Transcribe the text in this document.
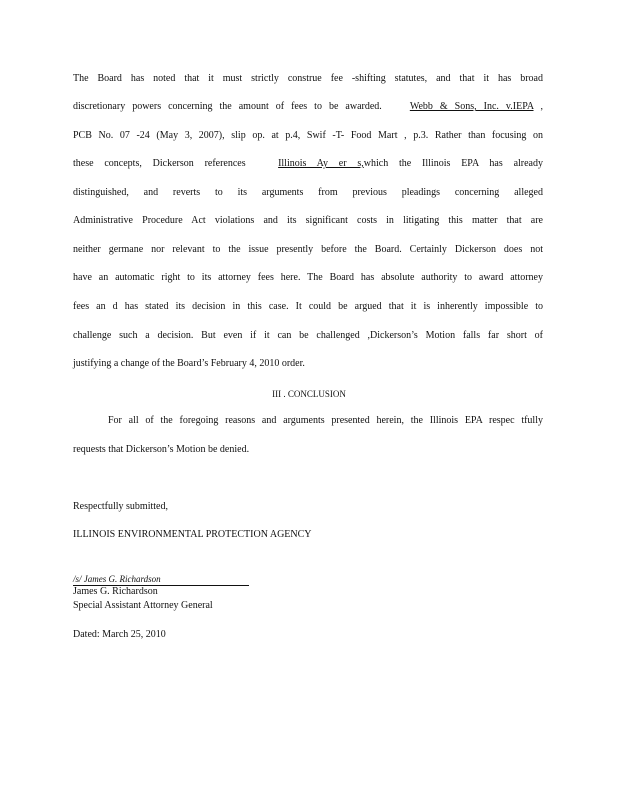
The Board has noted that it must strictly construe fee -shifting statutes, and that it has broad
discretionary powers concerning the amount of fees to be awarded.	Webb & Sons, Inc. v.IEPA ,
PCB No. 07 -24 (May 3, 2007), slip op. at p.4, Swif -T- Food Mart , p.3. Rather than focusing on
these concepts, Dickerson references	Illinois Ay er s,which the Illinois EPA has already
distinguished, and reverts to its arguments from previous pleadings concerning alleged
Administrative Procedure Act violations and its significant costs in litigating this matter that are
neither germane nor relevant to the issue presently before the Board. Certainly Dickerson does not
have an automatic right to its attorney fees here. The Board has absolute authority to award attorney
fees an d has stated its decision in this case. It could be argued that it is inherently impossible to
challenge such a decision. But even if it can be challenged ,Dickerson’s Motion falls far short of
justifying a change of the Board’s February 4, 2010 order.
III . CONCLUSION
For all of the foregoing reasons and arguments presented herein, the Illinois EPA respec tfully
requests that Dickerson’s Motion be denied.
Respectfully submitted,
ILLINOIS ENVIRONMENTAL PROTECTION AGENCY
/s/ James G. Richardson
James G. Richardson
Special Assistant Attorney General
Dated: March 25, 2010
